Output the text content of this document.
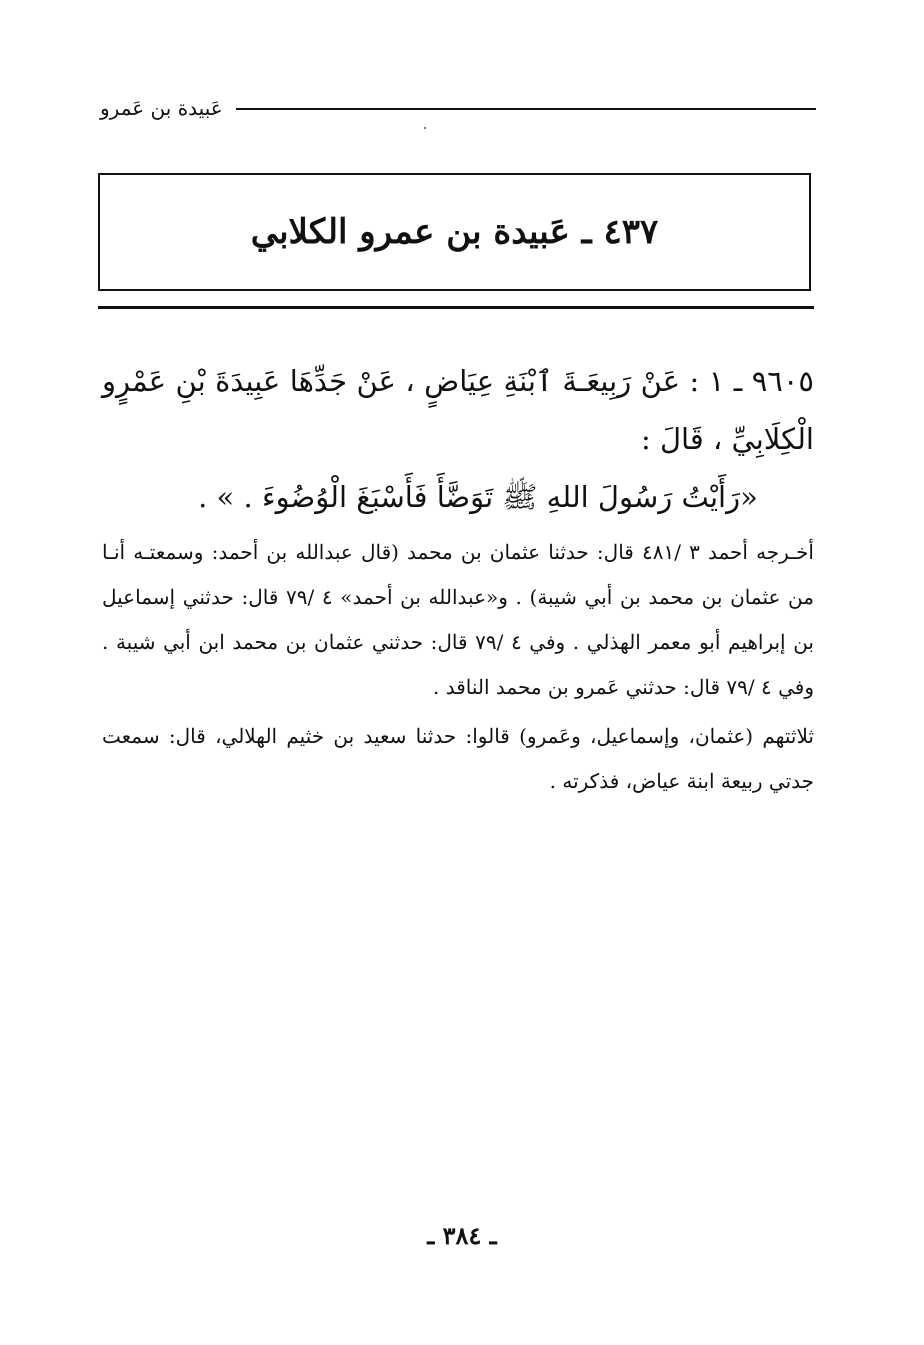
عَبيدة بن عَمرو
٤٣٧ ـ عَبيدة بن عمرو الكلابي
٩٦٠٥ ـ ١ : عَنْ رَبِيعَـةَ ٱبْنَةِ عِيَاضٍ ، عَنْ جَدِّهَا عَبِيدَةَ بْنِ عَمْرٍو الْكِلَابِيِّ ، قَالَ :
«رَأَيْتُ رَسُولَ اللهِ ﷺ تَوَضَّأَ فَأَسْبَغَ الْوُضُوءَ . » .

أخـرجه أحمد ٣ /٤٨١ قال: حدثنا عثمان بن محمد (قال عبدالله بن أحمد: وسمعتـه أنـا من عثمان بن محمد بن أبي شيبة) . و«عبدالله بن أحمد» ٤ /٧٩ قال: حدثني إسماعيل بن إبراهيم أبو معمر الهذلي . وفي ٤ /٧٩ قال: حدثني عثمان بن محمد ابن أبي شيبة . وفي ٤ /٧٩ قال: حدثني عَمرو بن محمد الناقد .

ثلاثتهم (عثمان، وإسماعيل، وعَمرو) قالوا: حدثنا سعيد بن خثيم الهلالي، قال: سمعت جدتي ربيعة ابنة عياض، فذكرته .

ـ ٣٨٤ ـ
